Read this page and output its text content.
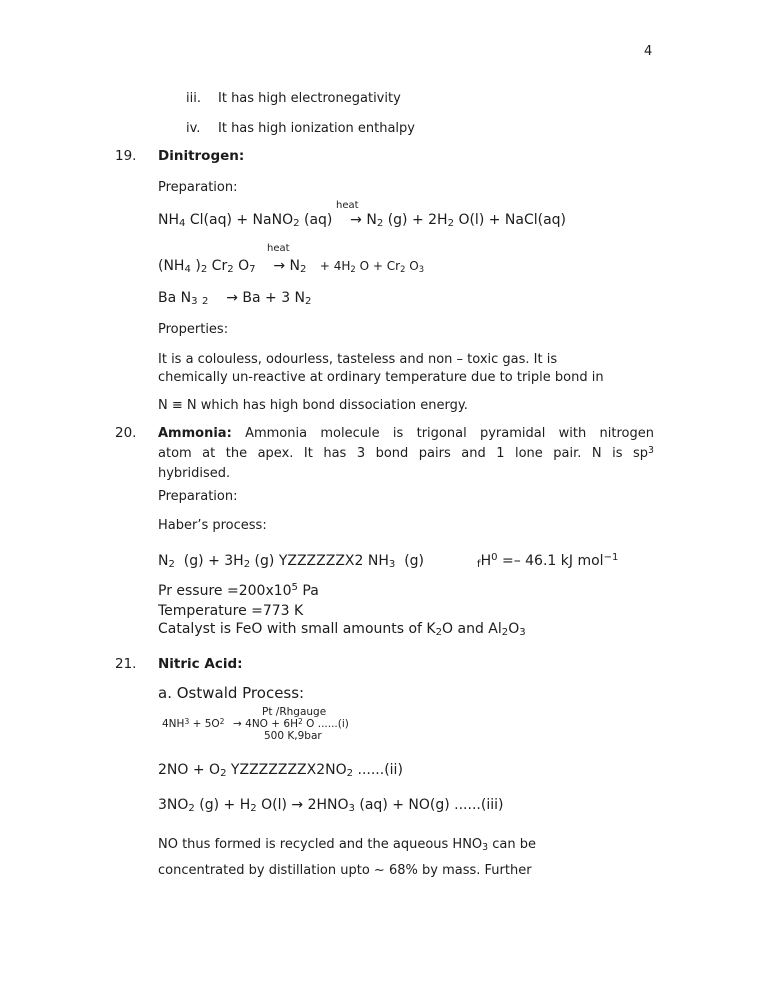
4
iii. It has high electronegativity
iv. It has high ionization enthalpy
19. Dinitrogen:
Preparation:
heat
NH4 Cl(aq) + NaNO2 (aq)    → N2 (g) + 2H2 O(l) + NaCl(aq)
heat
(NH4 )2 Cr2 O7    → N2 + 4H2 O + Cr2 O3
Ba N3 2    → Ba + 3 N2
Properties:
It is a colouless, odourless, tasteless and non – toxic gas. It is
chemically un-reactive at ordinary temperature due to triple bond in
N ≡ N which has high bond dissociation energy.
20. Ammonia: Ammonia molecule is trigonal pyramidal with nitrogen
atom at the apex. It has 3 bond pairs and 1 lone pair. N is $sp^3$
hybridised.
Preparation:
Haber’s process:
N2  (g) + 3H2 (g) YZZZZZZX2 NH3  (g)	$fH^0 =- 46.1$ kJ mol$^{-1}$
Pr essure $=200x10^5$ Pa
Temperature =773 K
Catalyst is FeO with small amounts of K2O and Al2O3
21. Nitric Acid:
a. Ostwald Process:
Pt /Rhgauge
$4NH^3 + 5O^2 \to 4NO + 6H^2$ O ......(i)
500 K,9bar
2NO + O2 YZZZZZZZX2NO2 ......(ii)
3NO2 (g) + H2 O(l) → 2HNO3 (aq) + NO(g) ......(iii)
NO thus formed is recycled and the aqueous HNO3 can be
concentrated by distillation upto ~ 68% by mass. Further
